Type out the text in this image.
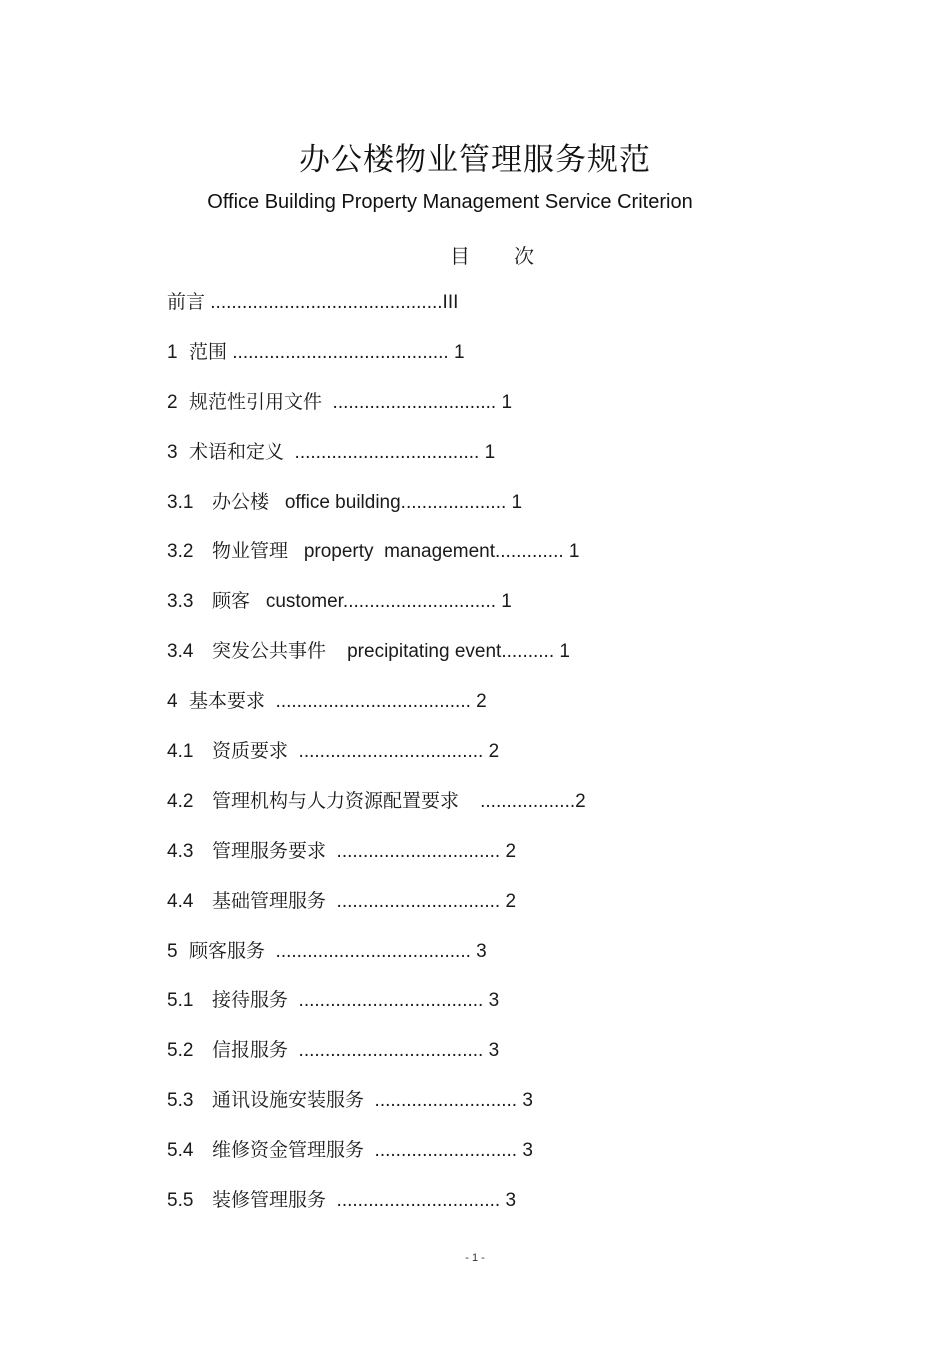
办公楼物业管理服务规范
Office Building Property Management Service Criterion
目 次
前言 ............................................III
1 范围 ......................................... 1
2 规范性引用文件  ............................... 1
3 术语和定义  ................................... 1
3.1 办公楼   office building.................... 1
3.2 物业管理   property  management............. 1
3.3 顾客   customer............................. 1
3.4 突发公共事件    precipitating event.......... 1
4 基本要求  ..................................... 2
4.1 资质要求  ................................... 2
4.2 管理机构与人力资源配置要求    ..................2
4.3 管理服务要求  ............................... 2
4.4 基础管理服务  ............................... 2
5 顾客服务  ..................................... 3
5.1 接待服务  ................................... 3
5.2 信报服务  ................................... 3
5.3 通讯设施安装服务  ........................... 3
5.4 维修资金管理服务  ........................... 3
5.5 装修管理服务  ............................... 3
- 1 -
